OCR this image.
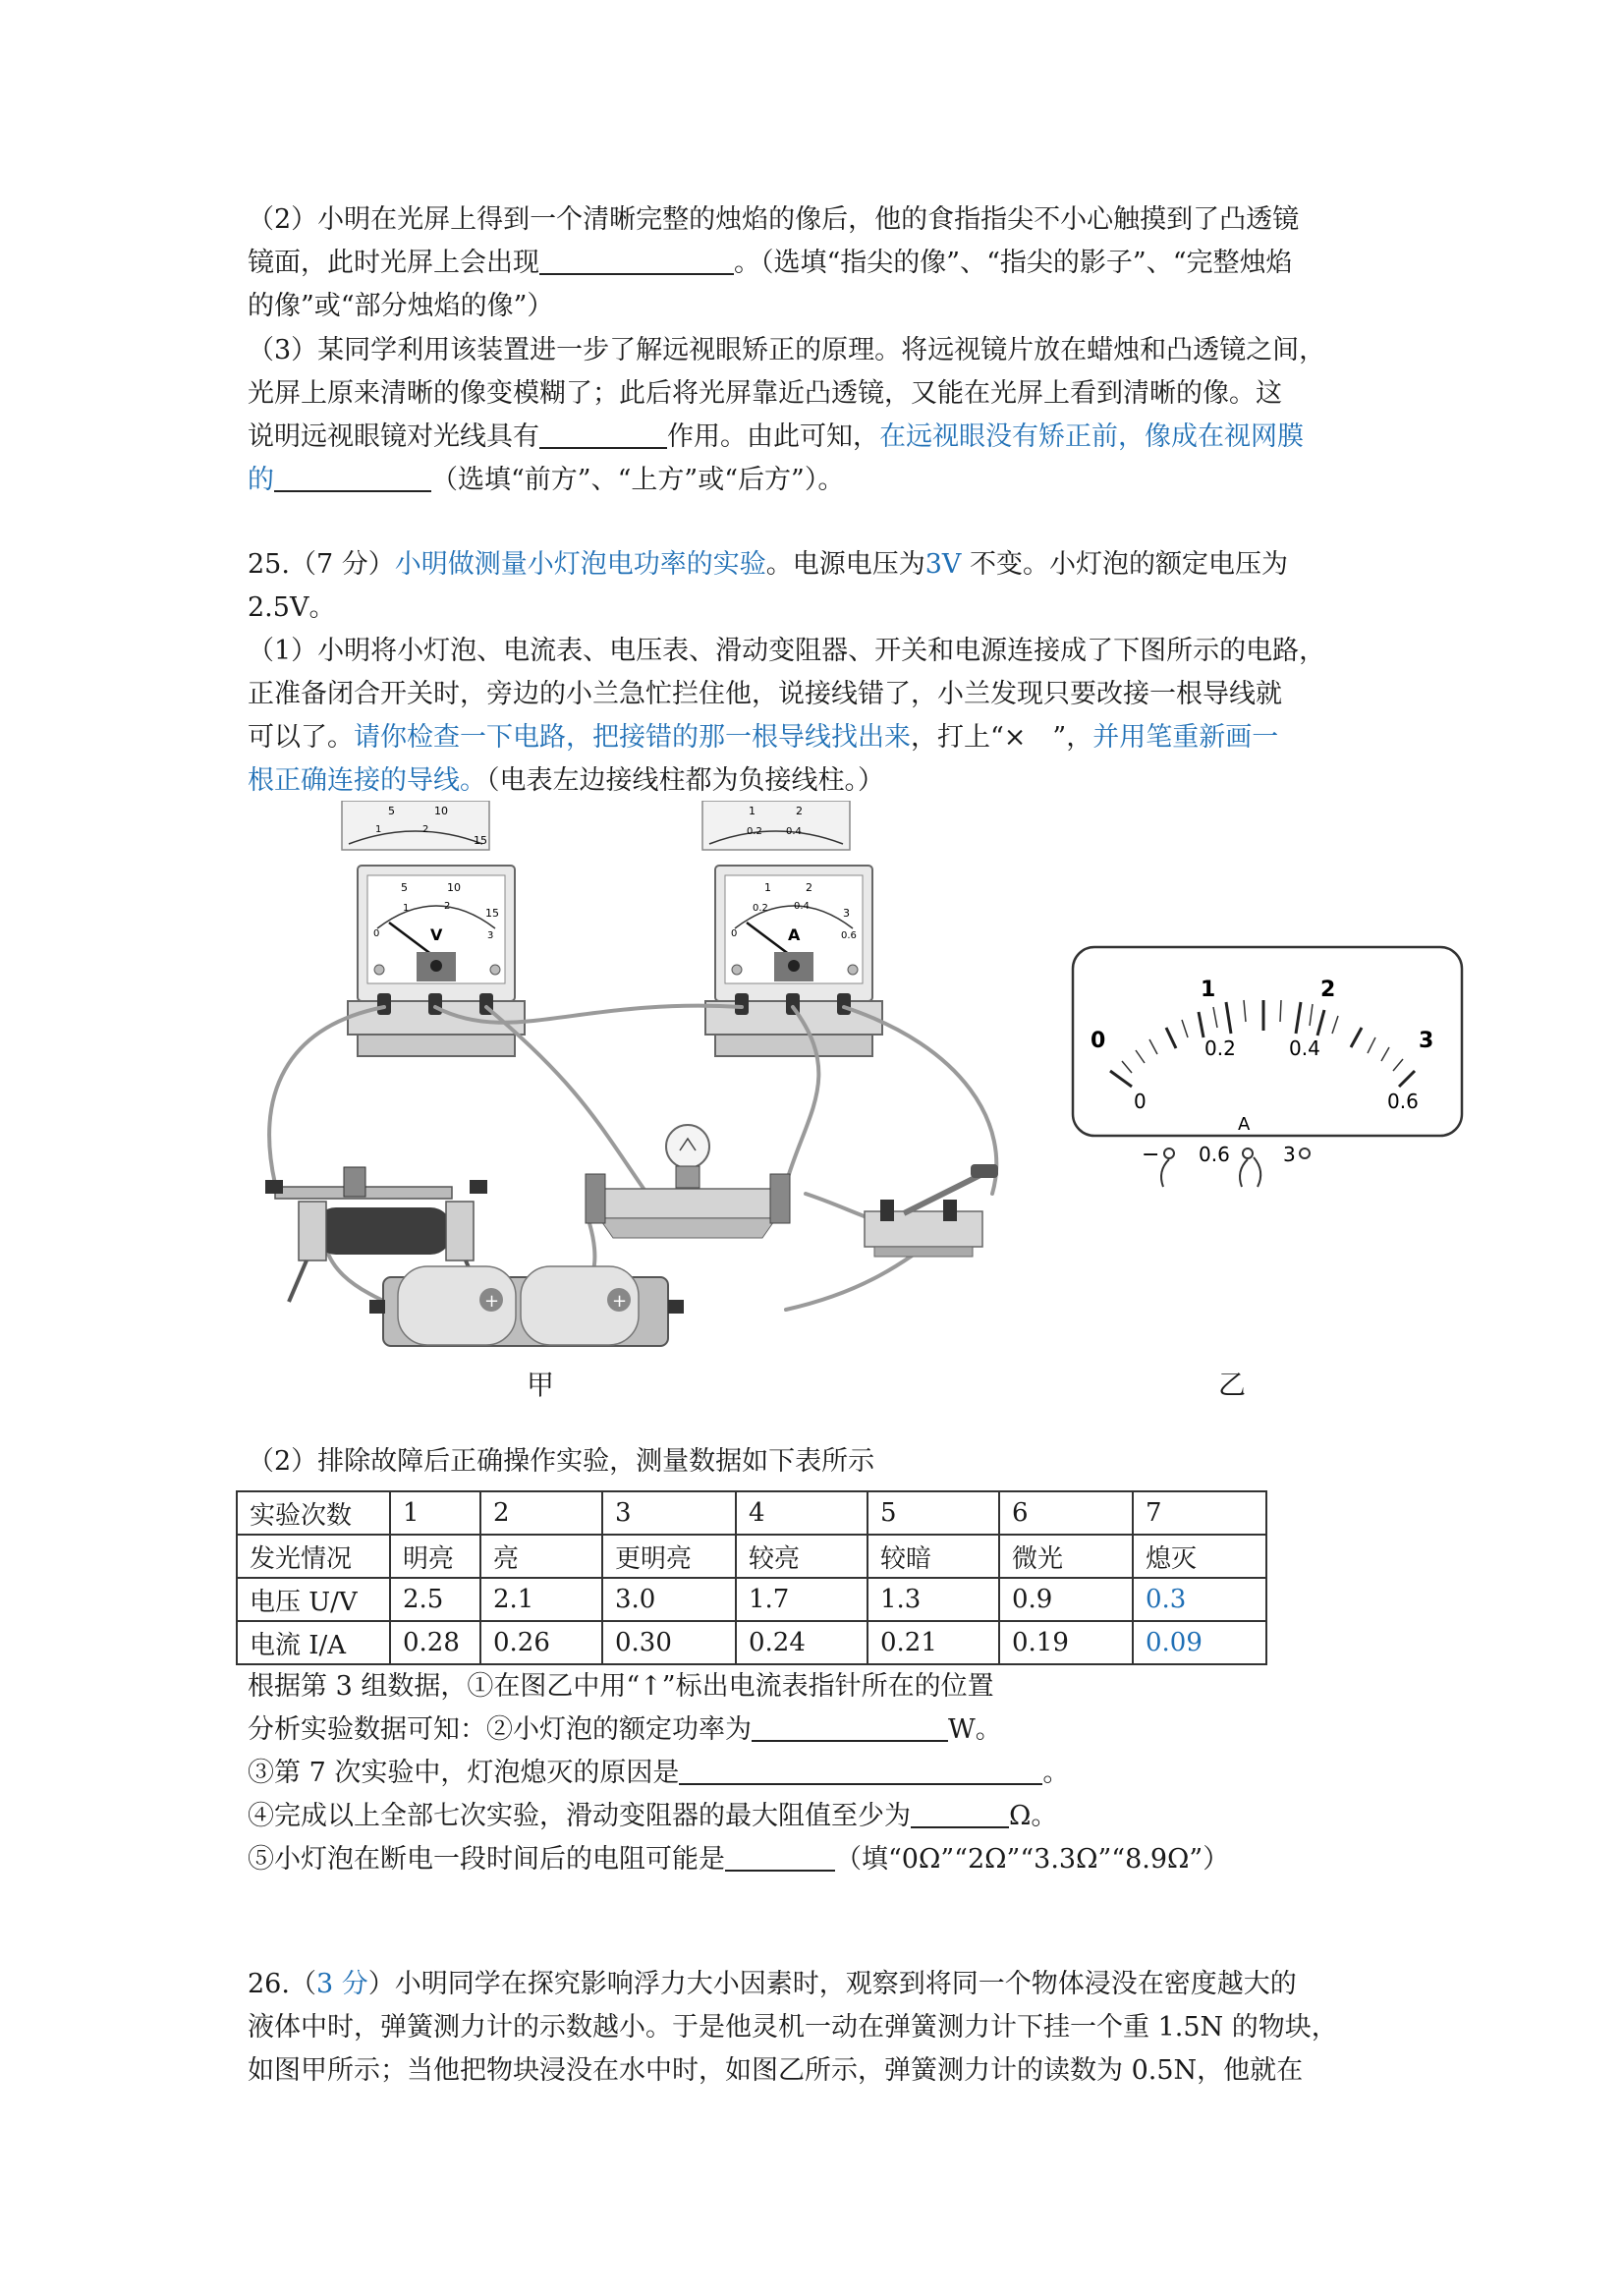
（2）小明在光屏上得到一个清晰完整的烛焰的像后，他的食指指尖不小心触摸到了凸透镜
镜面，此时光屏上会出现	。（选填“指尖的像”、“指尖的影子”、“完整烛焰
的像”或“部分烛焰的像”）
（3）某同学利用该装置进一步了解远视眼矫正的原理。将远视镜片放在蜡烛和凸透镜之间，
光屏上原来清晰的像变模糊了；此后将光屏靠近凸透镜，又能在光屏上看到清晰的像。这
说明远视眼镜对光线具有	作用。由此可知，在远视眼没有矫正前，像成在视网膜
的	（选填“前方”、“上方”或“后方”）。
25.（7 分）小明做测量小灯泡电功率的实验。电源电压为3V 不变。小灯泡的额定电压为
2.5V。
（1）小明将小灯泡、电流表、电压表、滑动变阻器、开关和电源连接成了下图所示的电路，
正准备闭合开关时，旁边的小兰急忙拦住他，说接线错了，小兰发现只要改接一根导线就
可以了。请你检查一下电路，把接错的那一根导线找出来，打上“×　”，并用笔重新画一
根正确连接的导线。（电表左边接线柱都为负接线柱。）
5	10
15
1	2
1	2
0.2 0.4
5	10
15
0
1	2
3
V
1	2
3
0
0.2	0.4
0.6
A
+	+
甲
0
1	2
3
0
0.2	0.4
0.6
A
− 0.6	3
乙
（2）排除故障后正确操作实验，测量数据如下表所示
实验次数	1	2	3	4	5	6	7
发光情况	明亮	亮	更明亮	较亮	较暗	微光	熄灭
电压 U/V	2.5	2.1	3.0	1.7	1.3	0.9	0.3
电流 I/A	0.28	0.26	0.30	0.24	0.21	0.19	0.09
根据第 3 组数据，①在图乙中用“↑”标出电流表指针所在的位置
分析实验数据可知：②小灯泡的额定功率为	W。
③第 7 次实验中，灯泡熄灭的原因是	。
④完成以上全部七次实验，滑动变阻器的最大阻值至少为	Ω。
⑤小灯泡在断电一段时间后的电阻可能是	（填“0Ω”“2Ω”“3.3Ω”“8.9Ω”）
26.（3 分）小明同学在探究影响浮力大小因素时，观察到将同一个物体浸没在密度越大的
液体中时，弹簧测力计的示数越小。于是他灵机一动在弹簧测力计下挂一个重 1.5N 的物块，
如图甲所示；当他把物块浸没在水中时，如图乙所示，弹簧测力计的读数为 0.5N，他就在
